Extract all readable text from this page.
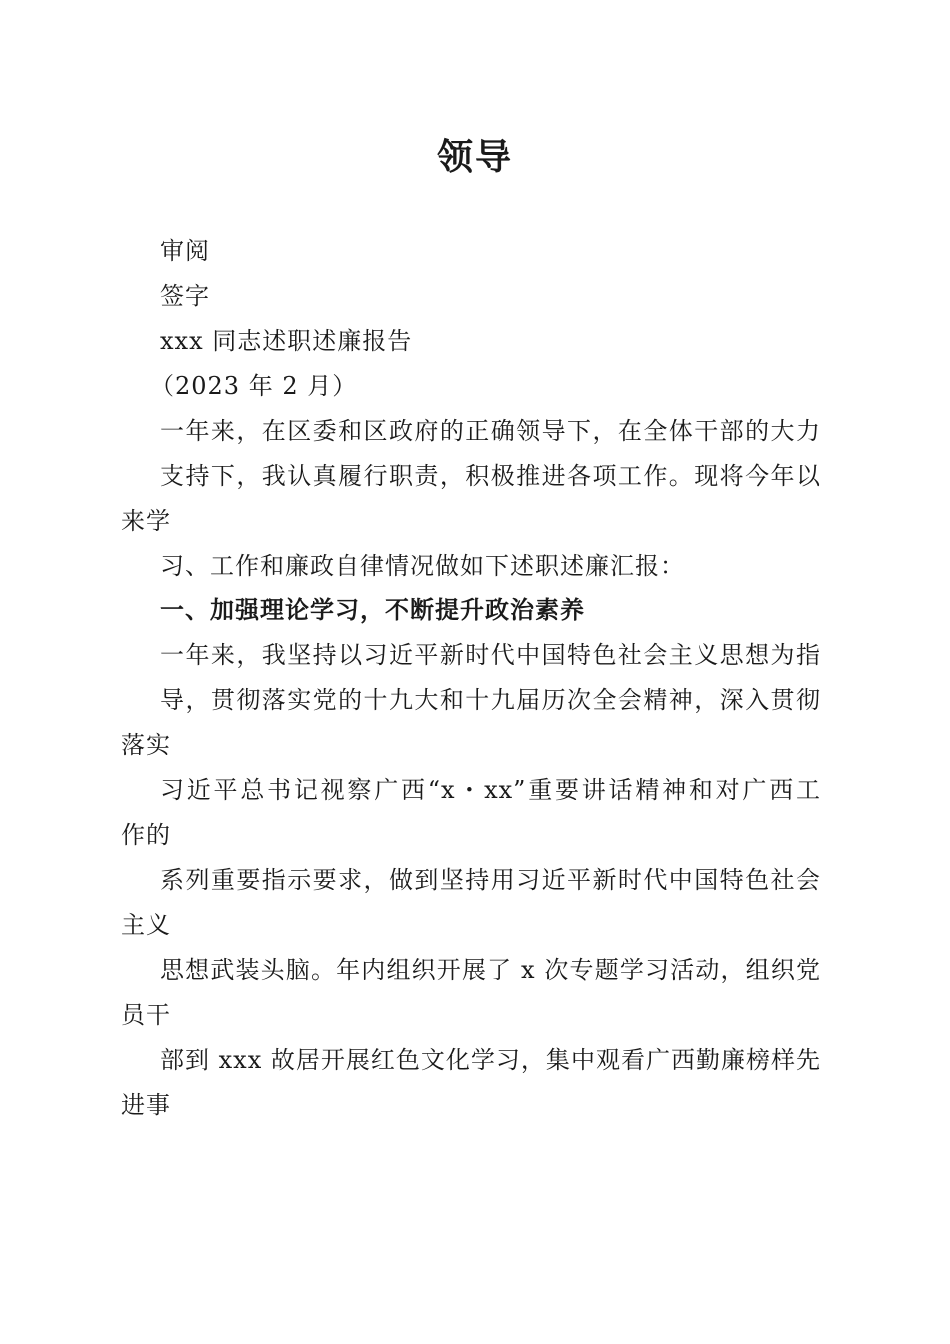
领导
审阅
签字
xxx 同志述职述廉报告
（2023 年 2 月）
一年来，在区委和区政府的正确领导下，在全体干部的大力
支持下，我认真履行职责，积极推进各项工作。现将今年以
来学
习、工作和廉政自律情况做如下述职述廉汇报：
一、加强理论学习，不断提升政治素养
一年来，我坚持以习近平新时代中国特色社会主义思想为指
导，贯彻落实党的十九大和十九届历次全会精神，深入贯彻
落实
习近平总书记视察广西“x・xx”重要讲话精神和对广西工
作的
系列重要指示要求，做到坚持用习近平新时代中国特色社会
主义
思想武装头脑。年内组织开展了 x 次专题学习活动，组织党
员干
部到 xxx 故居开展红色文化学习，集中观看广西勤廉榜样先
进事
